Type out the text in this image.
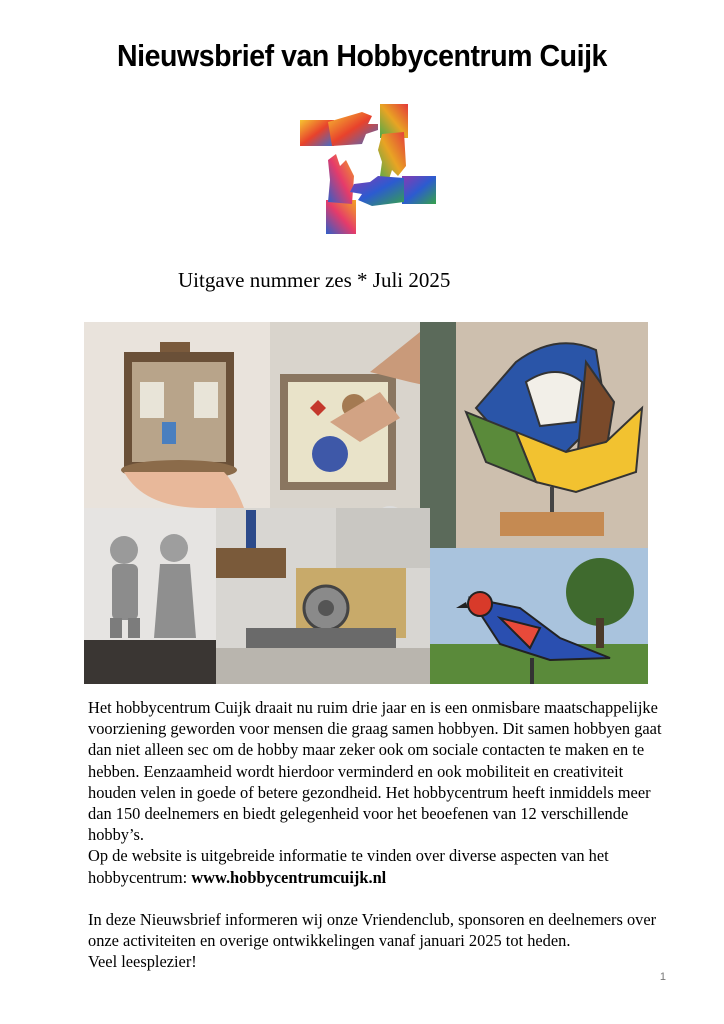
Nieuwsbrief van Hobbycentrum Cuijk
Uitgave nummer zes * Juli 2025

Het hobbycentrum Cuijk draait nu ruim drie jaar en is een onmisbare maatschappelijke voorziening geworden voor mensen die graag samen hobbyen. Dit samen hobbyen gaat dan niet alleen sec om de hobby maar zeker ook om sociale contacten te maken en te hebben. Eenzaamheid wordt hierdoor verminderd en ook mobiliteit en creativiteit houden velen in goede of betere gezondheid. Het hobbycentrum heeft inmiddels meer dan 150 deelnemers en biedt gelegenheid voor het beoefenen van 12 verschillende hobby’s.

Op de website is uitgebreide informatie te vinden over diverse aspecten van het hobbycentrum: www.hobbycentrumcuijk.nl

In deze Nieuwsbrief informeren wij onze Vriendenclub, sponsoren en deelnemers over onze activiteiten en overige ontwikkelingen vanaf januari 2025 tot heden.

Veel leesplezier!

1
